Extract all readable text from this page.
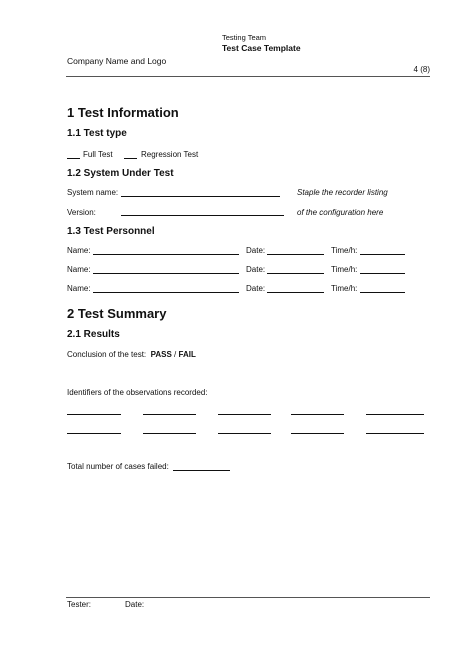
Testing Team
Test Case Template
Company Name and Logo
4 (8)
1 Test Information
1.1 Test type
Full Test	Regression Test
1.2 System Under Test
System name:	Staple the recorder listing
Version:	of the configuration here
1.3 Test Personnel
Name:	Date:	Time/h:
Name:	Date:	Time/h:
Name:	Date:	Time/h:
2 Test Summary
2.1 Results
Conclusion of the test: PASS / FAIL
Identifiers of the observations recorded:
Total number of cases failed:
Tester:	Date:
